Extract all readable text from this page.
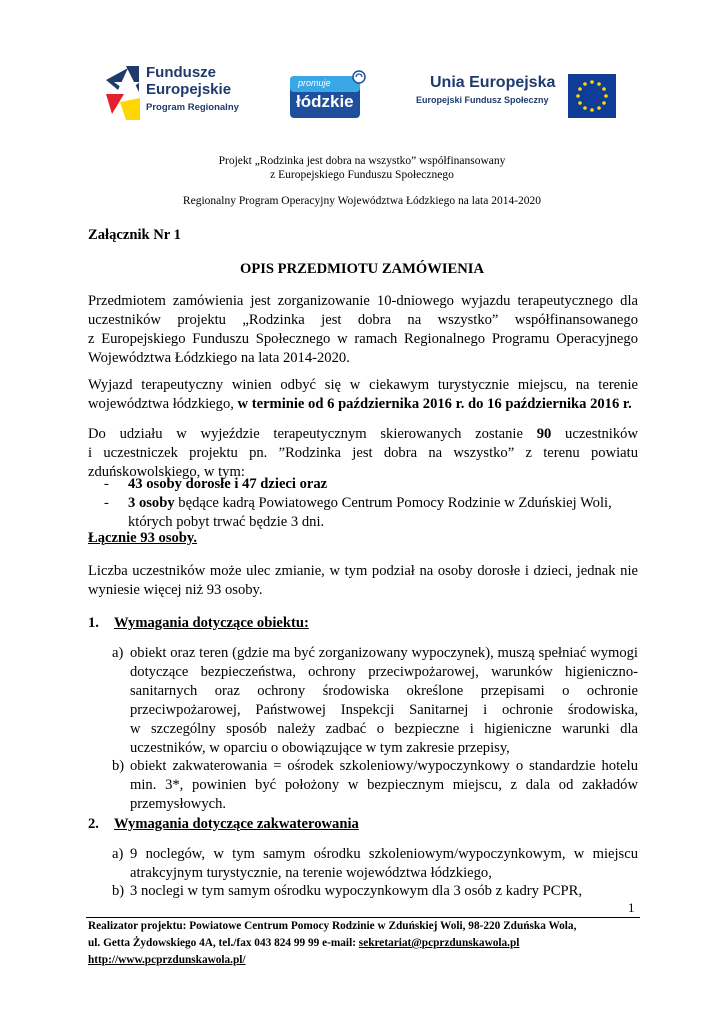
Fundusze
Europejskie
Program Regionalny
promuje
łódzkie
Unia Europejska
Europejski Fundusz Społeczny
Projekt „Rodzinka jest dobra na wszystko” współfinansowany
z Europejskiego Funduszu Społecznego
Regionalny Program Operacyjny Województwa Łódzkiego na lata 2014-2020
Załącznik Nr 1
OPIS PRZEDMIOTU ZAMÓWIENIA
Przedmiotem zamówienia jest zorganizowanie 10-dniowego wyjazdu terapeutycznego dla
uczestników projektu „Rodzinka jest dobra na wszystko” współfinansowanego
z Europejskiego Funduszu Społecznego w ramach Regionalnego Programu Operacyjnego
Województwa Łódzkiego na lata 2014-2020.
Wyjazd terapeutyczny winien odbyć się w ciekawym turystycznie miejscu, na terenie
województwa łódzkiego, w terminie od 6 października 2016 r. do 16 października 2016 r.
Do udziału w wyjeździe terapeutycznym skierowanych zostanie 90 uczestników
i uczestniczek projektu pn. ”Rodzinka jest dobra na wszystko” z terenu powiatu
zduńskowolskiego, w tym:
- 43 osoby dorosłe i 47 dzieci oraz
- 3 osoby będące kadrą Powiatowego Centrum Pomocy Rodzinie w Zduńskiej Woli,
których pobyt trwać będzie 3 dni.
Łącznie 93 osoby.
Liczba uczestników może ulec zmianie, w tym podział na osoby dorosłe i dzieci, jednak nie
wyniesie więcej niż 93 osoby.
1. Wymagania dotyczące obiektu:
a) obiekt oraz teren (gdzie ma być zorganizowany wypoczynek), muszą spełniać wymogi
dotyczące bezpieczeństwa, ochrony przeciwpożarowej, warunków higieniczno-
sanitarnych oraz ochrony środowiska określone przepisami o ochronie
przeciwpożarowej, Państwowej Inspekcji Sanitarnej i ochronie środowiska,
w szczególny sposób należy zadbać o bezpieczne i higieniczne warunki dla
uczestników, w oparciu o obowiązujące w tym zakresie przepisy,
b) obiekt zakwaterowania = ośrodek szkoleniowy/wypoczynkowy o standardzie hotelu
min. 3*, powinien być położony w bezpiecznym miejscu, z dala od zakładów
przemysłowych.
2. Wymagania dotyczące zakwaterowania
a) 9 noclegów, w tym samym ośrodku szkoleniowym/wypoczynkowym, w miejscu
atrakcyjnym turystycznie, na terenie województwa łódzkiego,
b) 3 noclegi w tym samym ośrodku wypoczynkowym dla 3 osób z kadry PCPR,
1
Realizator projektu: Powiatowe Centrum Pomocy Rodzinie w Zduńskiej Woli, 98-220 Zduńska Wola,
ul. Getta Żydowskiego 4A, tel./fax 043 824 99 99 e-mail: sekretariat@pcprzdunskawola.pl
http://www.pcprzdunskawola.pl/
